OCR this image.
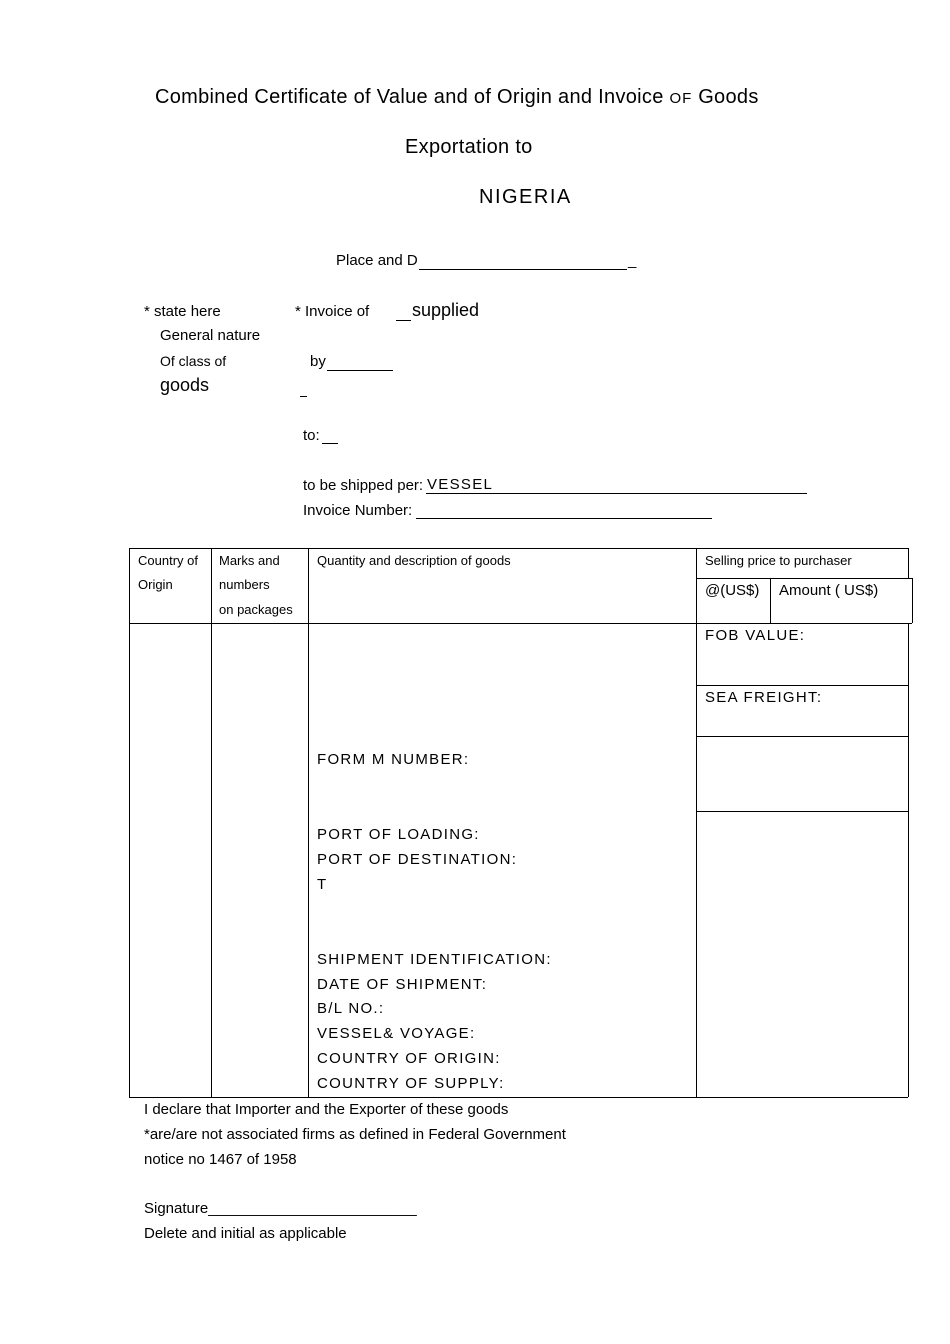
Combined Certificate of Value and of Origin and Invoice OF Goods
Exportation to
NIGERIA
Place and D	_
* state here
General nature
Of class of
goods
* Invoice of supplied
by
to:
to be shipped per: VESSEL
Invoice Number:
Country of
Origin
Marks and
numbers
on packages
Quantity and description of goods	Selling price to purchaser
@(US$) Amount ( US$)
FORM M NUMBER:
PORT OF LOADING:
PORT OF DESTINATION:
T
SHIPMENT IDENTIFICATION:
DATE OF SHIPMENT:
B/L NO.:
VESSEL& VOYAGE:
COUNTRY OF ORIGIN:
COUNTRY OF SUPPLY:
FOB VALUE:
SEA FREIGHT:
I declare that Importer and the Exporter of these goods
*are/are not associated firms as defined in Federal Government
notice no 1467 of 1958
Signature_________________________
Delete and initial as applicable
